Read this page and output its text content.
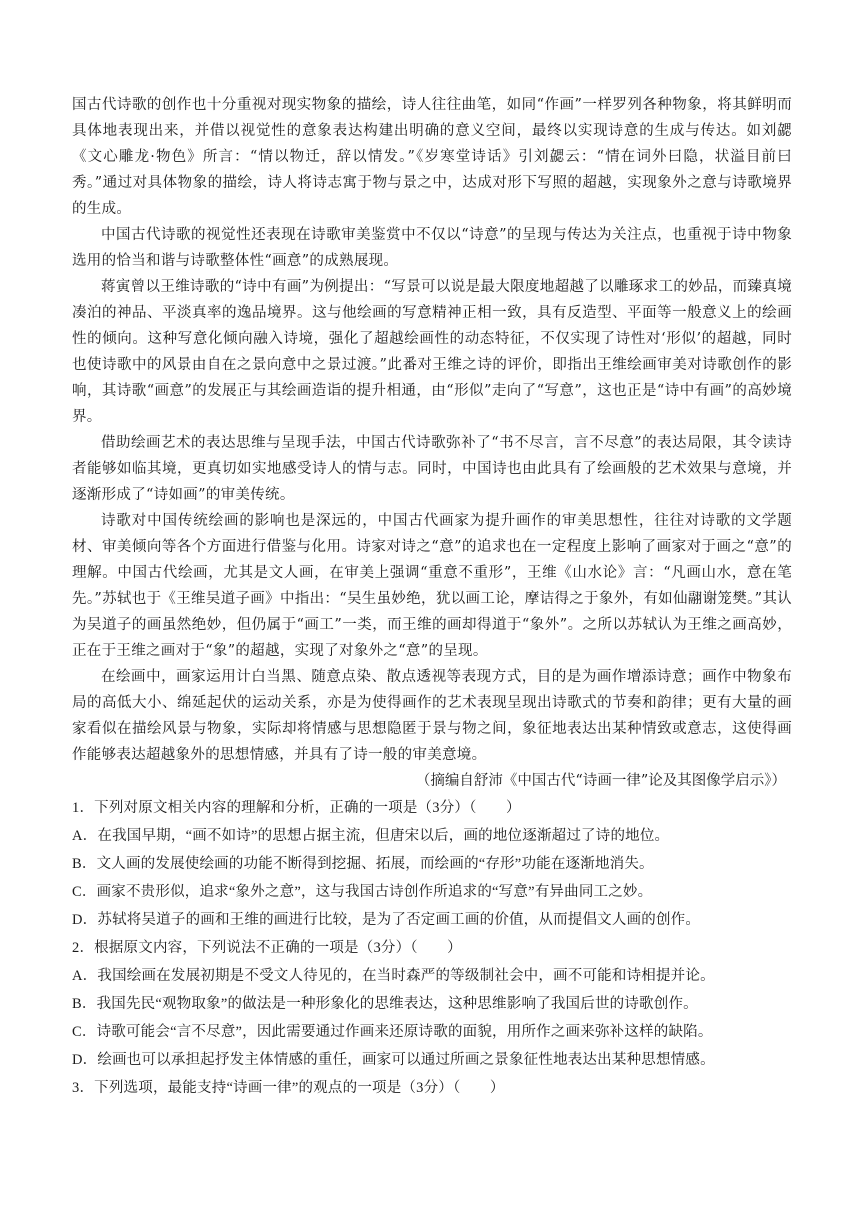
国古代诗歌的创作也十分重视对现实物象的描绘，诗人往往曲笔，如同“作画”一样罗列各种物象，将其鲜明而具体地表现出来，并借以视觉性的意象表达构建出明确的意义空间，最终以实现诗意的生成与传达。如刘勰《文心雕龙·物色》所言：“情以物迁，辞以情发。”《岁寒堂诗话》引刘勰云：“情在词外曰隐，状溢目前曰秀。”通过对具体物象的描绘，诗人将诗志寓于物与景之中，达成对形下写照的超越，实现象外之意与诗歌境界的生成。

中国古代诗歌的视觉性还表现在诗歌审美鉴赏中不仅以“诗意”的呈现与传达为关注点，也重视于诗中物象选用的恰当和谐与诗歌整体性“画意”的成熟展现。

蒋寅曾以王维诗歌的“诗中有画”为例提出：“写景可以说是最大限度地超越了以雕琢求工的妙品，而臻真境凑泊的神品、平淡真率的逸品境界。这与他绘画的写意精神正相一致，具有反造型、平面等一般意义上的绘画性的倾向。这种写意化倾向融入诗境，强化了超越绘画性的动态特征，不仅实现了诗性对‘形似’的超越，同时也使诗歌中的风景由自在之景向意中之景过渡。”此番对王维之诗的评价，即指出王维绘画审美对诗歌创作的影响，其诗歌“画意”的发展正与其绘画造诣的提升相通，由“形似”走向了“写意”，这也正是“诗中有画”的高妙境界。

借助绘画艺术的表达思维与呈现手法，中国古代诗歌弥补了“书不尽言，言不尽意”的表达局限，其令读诗者能够如临其境，更真切如实地感受诗人的情与志。同时，中国诗也由此具有了绘画般的艺术效果与意境，并逐渐形成了“诗如画”的审美传统。

诗歌对中国传统绘画的影响也是深远的，中国古代画家为提升画作的审美思想性，往往对诗歌的文学题材、审美倾向等各个方面进行借鉴与化用。诗家对诗之“意”的追求也在一定程度上影响了画家对于画之“意”的理解。中国古代绘画，尤其是文人画，在审美上强调“重意不重形”，王维《山水论》言：“凡画山水，意在笔先。”苏轼也于《王维吴道子画》中指出：“吴生虽妙绝，犹以画工论，摩诘得之于象外，有如仙翮谢笼樊。”其认为吴道子的画虽然绝妙，但仍属于“画工”一类，而王维的画却得道于“象外”。之所以苏轼认为王维之画高妙，正在于王维之画对于“象”的超越，实现了对象外之“意”的呈现。

在绘画中，画家运用计白当黑、随意点染、散点透视等表现方式，目的是为画作增添诗意；画作中物象布局的高低大小、绵延起伏的运动关系，亦是为使得画作的艺术表现呈现出诗歌式的节奏和韵律；更有大量的画家看似在描绘风景与物象，实际却将情感与思想隐匿于景与物之间，象征地表达出某种情致或意志，这使得画作能够表达超越象外的思想情感，并具有了诗一般的审美意境。

（摘编自舒沛《中国古代“诗画一律”论及其图像学启示》）

1．下列对原文相关内容的理解和分析，正确的一项是（3分）（　　）

A． 在我国早期，“画不如诗”的思想占据主流，但唐宋以后，画的地位逐渐超过了诗的地位。

B． 文人画的发展使绘画的功能不断得到挖掘、拓展，而绘画的“存形”功能在逐渐地消失。

C． 画家不贵形似，追求“象外之意”，这与我国古诗创作所追求的“写意”有异曲同工之妙。

D． 苏轼将吴道子的画和王维的画进行比较，是为了否定画工画的价值，从而提倡文人画的创作。

2．根据原文内容，下列说法不正确的一项是（3分）（　　）

A． 我国绘画在发展初期是不受文人待见的，在当时森严的等级制社会中，画不可能和诗相提并论。

B． 我国先民“观物取象”的做法是一种形象化的思维表达，这种思维影响了我国后世的诗歌创作。

C． 诗歌可能会“言不尽意”，因此需要通过作画来还原诗歌的面貌，用所作之画来弥补这样的缺陷。

D． 绘画也可以承担起抒发主体情感的重任，画家可以通过所画之景象征性地表达出某种思想情感。

3．下列选项，最能支持“诗画一律”的观点的一项是（3分）（　　）
